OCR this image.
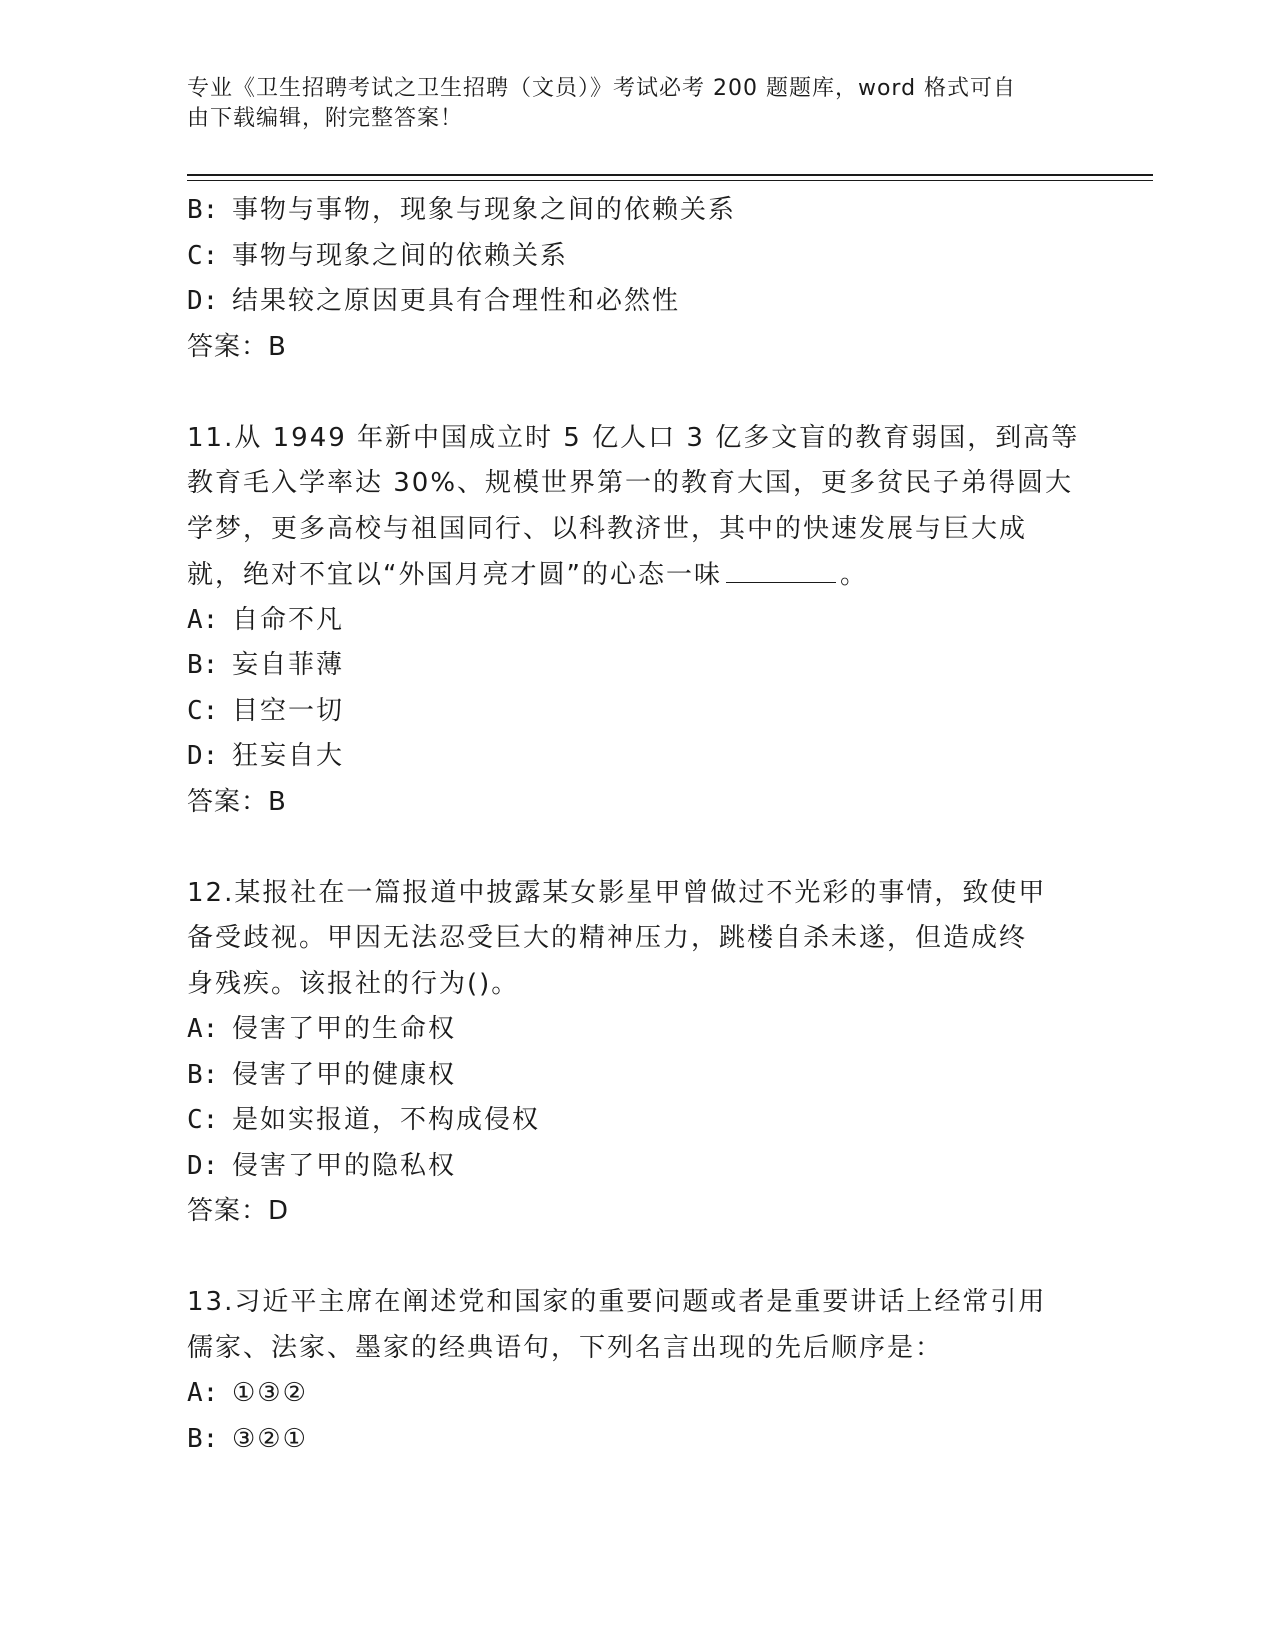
专业《卫生招聘考试之卫生招聘（文员）》考试必考 200 题题库，word 格式可自
由下载编辑，附完整答案！
B: 事物与事物，现象与现象之间的依赖关系
C: 事物与现象之间的依赖关系
D: 结果较之原因更具有合理性和必然性
答案：B
11.从 1949 年新中国成立时 5 亿人口 3 亿多文盲的教育弱国，到高等
教育毛入学率达 30%、规模世界第一的教育大国，更多贫民子弟得圆大
学梦，更多高校与祖国同行、以科教济世，其中的快速发展与巨大成
就，绝对不宜以“外国月亮才圆”的心态一味	。
A: 自命不凡
B: 妄自菲薄
C: 目空一切
D: 狂妄自大
答案：B
12.某报社在一篇报道中披露某女影星甲曾做过不光彩的事情，致使甲
备受歧视。甲因无法忍受巨大的精神压力，跳楼自杀未遂，但造成终
身残疾。该报社的行为()。
A: 侵害了甲的生命权
B: 侵害了甲的健康权
C: 是如实报道，不构成侵权
D: 侵害了甲的隐私权
答案：D
13.习近平主席在阐述党和国家的重要问题或者是重要讲话上经常引用
儒家、法家、墨家的经典语句，下列名言出现的先后顺序是：
A: ①③②
B: ③②①
